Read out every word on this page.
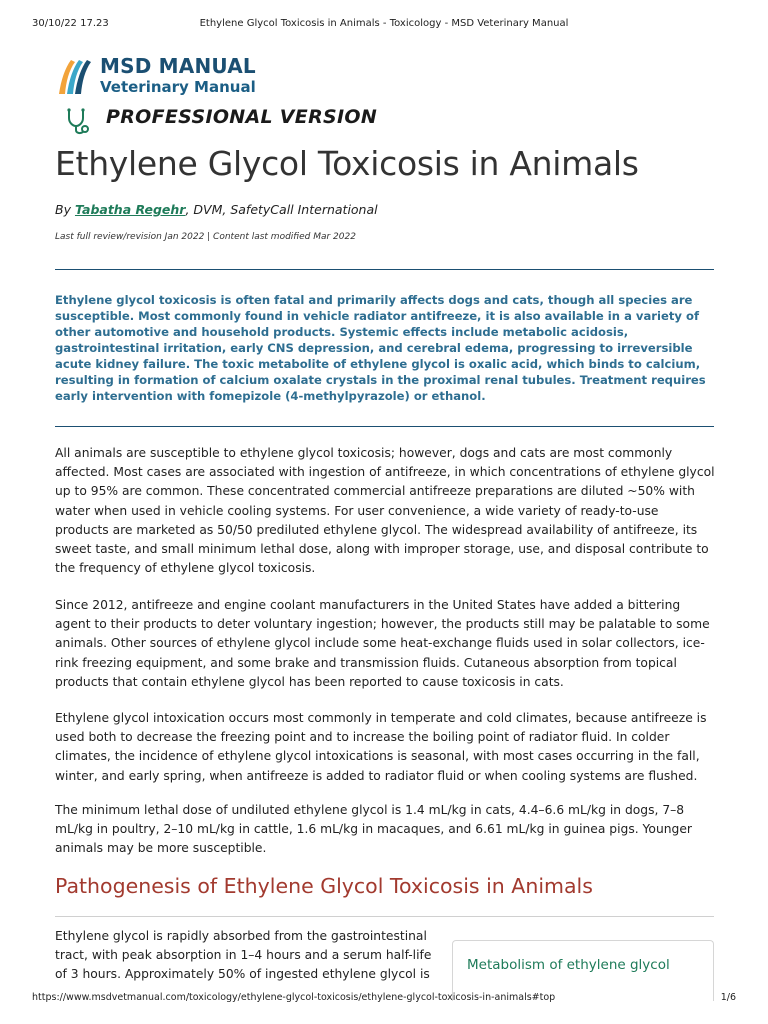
30/10/22 17.23	Ethylene Glycol Toxicosis in Animals - Toxicology - MSD Veterinary Manual
MSD MANUAL
Veterinary Manual
PROFESSIONAL VERSION
Ethylene Glycol Toxicosis in Animals
By Tabatha Regehr, DVM, SafetyCall International
Last full review/revision Jan 2022 | Content last modified Mar 2022

Ethylene glycol toxicosis is often fatal and primarily affects dogs and cats, though all species are susceptible. Most commonly found in vehicle radiator antifreeze, it is also available in a variety of other automotive and household products. Systemic effects include metabolic acidosis, gastrointestinal irritation, early CNS depression, and cerebral edema, progressing to irreversible acute kidney failure. The toxic metabolite of ethylene glycol is oxalic acid, which binds to calcium, resulting in formation of calcium oxalate crystals in the proximal renal tubules. Treatment requires early intervention with fomepizole (4-methylpyrazole) or ethanol.

All animals are susceptible to ethylene glycol toxicosis; however, dogs and cats are most commonly affected. Most cases are associated with ingestion of antifreeze, in which concentrations of ethylene glycol up to 95% are common. These concentrated commercial antifreeze preparations are diluted ~50% with water when used in vehicle cooling systems. For user convenience, a wide variety of ready-to-use products are marketed as 50/50 prediluted ethylene glycol. The widespread availability of antifreeze, its sweet taste, and small minimum lethal dose, along with improper storage, use, and disposal contribute to the frequency of ethylene glycol toxicosis.

Since 2012, antifreeze and engine coolant manufacturers in the United States have added a bittering agent to their products to deter voluntary ingestion; however, the products still may be palatable to some animals. Other sources of ethylene glycol include some heat-exchange fluids used in solar collectors, ice-rink freezing equipment, and some brake and transmission fluids. Cutaneous absorption from topical products that contain ethylene glycol has been reported to cause toxicosis in cats.

Ethylene glycol intoxication occurs most commonly in temperate and cold climates, because antifreeze is used both to decrease the freezing point and to increase the boiling point of radiator fluid. In colder climates, the incidence of ethylene glycol intoxications is seasonal, with most cases occurring in the fall, winter, and early spring, when antifreeze is added to radiator fluid or when cooling systems are flushed.

The minimum lethal dose of undiluted ethylene glycol is 1.4 mL/kg in cats, 4.4–6.6 mL/kg in dogs, 7–8 mL/kg in poultry, 2–10 mL/kg in cattle, 1.6 mL/kg in macaques, and 6.61 mL/kg in guinea pigs. Younger animals may be more susceptible.

Pathogenesis of Ethylene Glycol Toxicosis in Animals

Ethylene glycol is rapidly absorbed from the gastrointestinal tract, with peak absorption in 1–4 hours and a serum half-life of 3 hours. Approximately 50% of ingested ethylene glycol is

Metabolism of ethylene glycol
https://www.msdvetmanual.com/toxicology/ethylene-glycol-toxicosis/ethylene-glycol-toxicosis-in-animals#top	1/6
